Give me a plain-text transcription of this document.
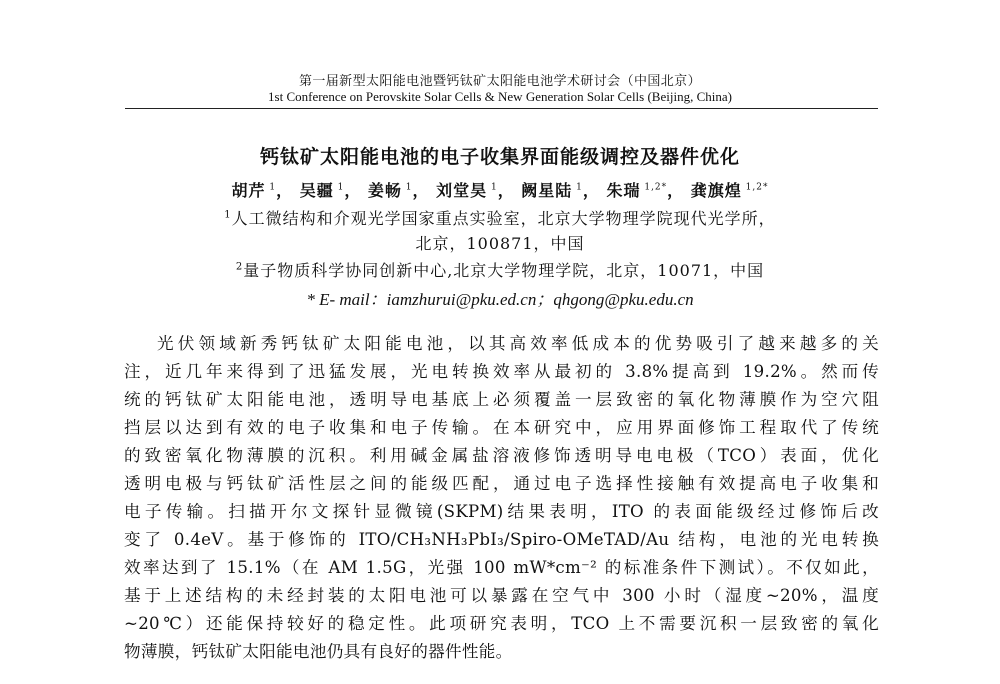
第一届新型太阳能电池暨钙钛矿太阳能电池学术研讨会（中国北京）
1st Conference on Perovskite Solar Cells & New Generation Solar Cells (Beijing, China)
钙钛矿太阳能电池的电子收集界面能级调控及器件优化
胡芹 $^1$， 吴疆 $^1$， 姜畅 $^1$， 刘堂昊 $^1$， 阙星陆 $^1$， 朱瑞 $^{1,2*}$， 龚旗煌 $^{1,2*}$
$^1$人工微结构和介观光学国家重点实验室，北京大学物理学院现代光学所，
北京，100871，中国
$^2$量子物质科学协同创新中心,北京大学物理学院，北京，10071，中国
* E- mail：iamzhurui@pku.ed.cn；qhgong@pku.edu.cn
光伏领域新秀钙钛矿太阳能电池，以其高效率低成本的优势吸引了越来越多的关
注，近几年来得到了迅猛发展，光电转换效率从最初的 3.8%提高到 19.2%。然而传
统的钙钛矿太阳能电池，透明导电基底上必须覆盖一层致密的氧化物薄膜作为空穴阻
挡层以达到有效的电子收集和电子传输。在本研究中，应用界面修饰工程取代了传统
的致密氧化物薄膜的沉积。利用碱金属盐溶液修饰透明导电电极（TCO）表面，优化
透明电极与钙钛矿活性层之间的能级匹配，通过电子选择性接触有效提高电子收集和
电子传输。扫描开尔文探针显微镜(SKPM)结果表明，ITO 的表面能级经过修饰后改
变了 0.4eV。基于修饰的 ITO/CH₃NH₃PbI₃/Spiro-OMeTAD/Au 结构，电池的光电转换
效率达到了 15.1%（在 AM 1.5G，光强 100 mW*cm⁻² 的标准条件下测试）。不仅如此，
基于上述结构的未经封装的太阳电池可以暴露在空气中 300 小时（湿度~20%，温度
~20℃）还能保持较好的稳定性。此项研究表明，TCO 上不需要沉积一层致密的氧化
物薄膜，钙钛矿太阳能电池仍具有良好的器件性能。
